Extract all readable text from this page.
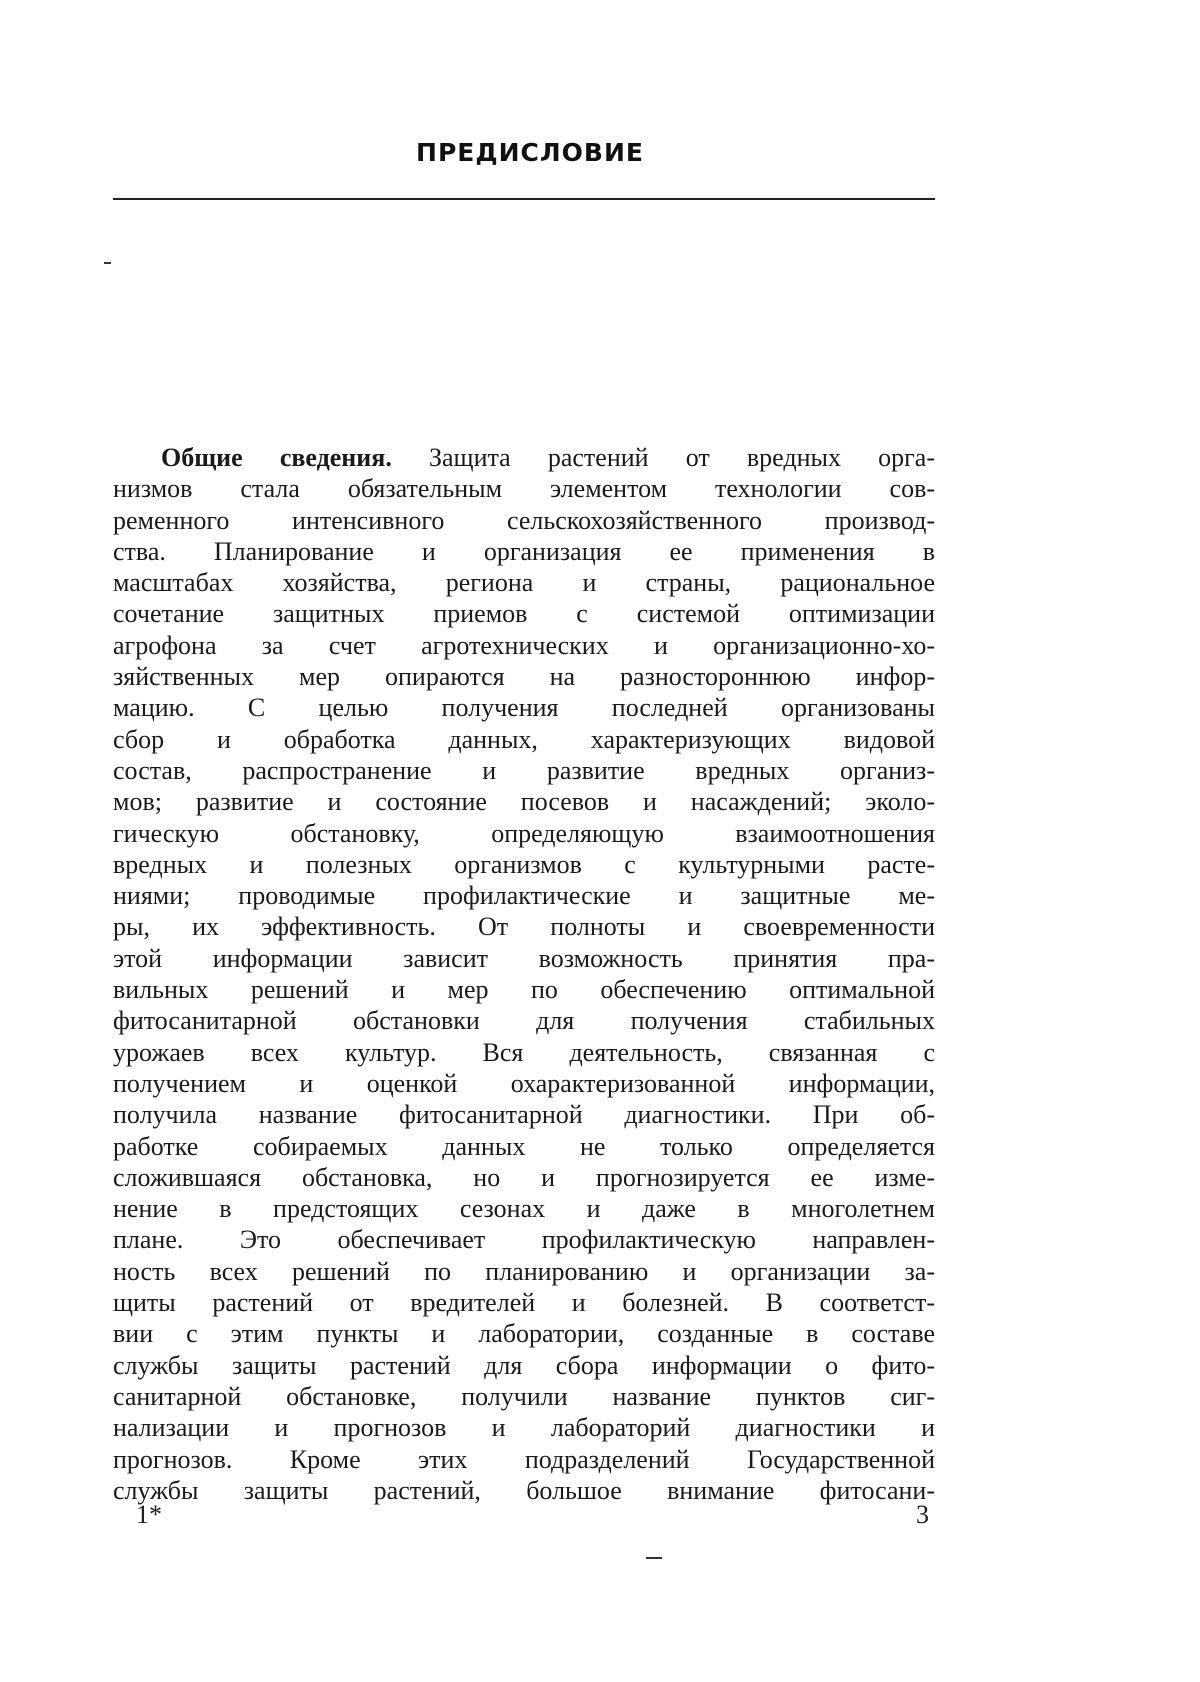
ПРЕДИСЛОВИЕ
Общие сведения. Защита растений от вредных орга-
низмов стала обязательным элементом технологии сов-
ременного интенсивного сельскохозяйственного производ-
ства. Планирование и организация ее применения в
масштабах хозяйства, региона и страны, рациональное
сочетание защитных приемов с системой оптимизации
агрофона за счет агротехнических и организационно-хо-
зяйственных мер опираются на разностороннюю инфор-
мацию. С целью получения последней организованы
сбор и обработка данных, характеризующих видовой
состав, распространение и развитие вредных организ-
мов; развитие и состояние посевов и насаждений; эколо-
гическую обстановку, определяющую взаимоотношения
вредных и полезных организмов с культурными расте-
ниями; проводимые профилактические и защитные ме-
ры, их эффективность. От полноты и своевременности
этой информации зависит возможность принятия пра-
вильных решений и мер по обеспечению оптимальной
фитосанитарной обстановки для получения стабильных
урожаев всех культур. Вся деятельность, связанная с
получением и оценкой охарактеризованной информации,
получила название фитосанитарной диагностики. При об-
работке собираемых данных не только определяется
сложившаяся обстановка, но и прогнозируется ее изме-
нение в предстоящих сезонах и даже в многолетнем
плане. Это обеспечивает профилактическую направлен-
ность всех решений по планированию и организации за-
щиты растений от вредителей и болезней. В соответст-
вии с этим пункты и лаборатории, созданные в составе
службы защиты растений для сбора информации о фито-
санитарной обстановке, получили название пунктов сиг-
нализации и прогнозов и лабораторий диагностики и
прогнозов. Кроме этих подразделений Государственной
службы защиты растений, большое внимание фитосани-
1*	3
